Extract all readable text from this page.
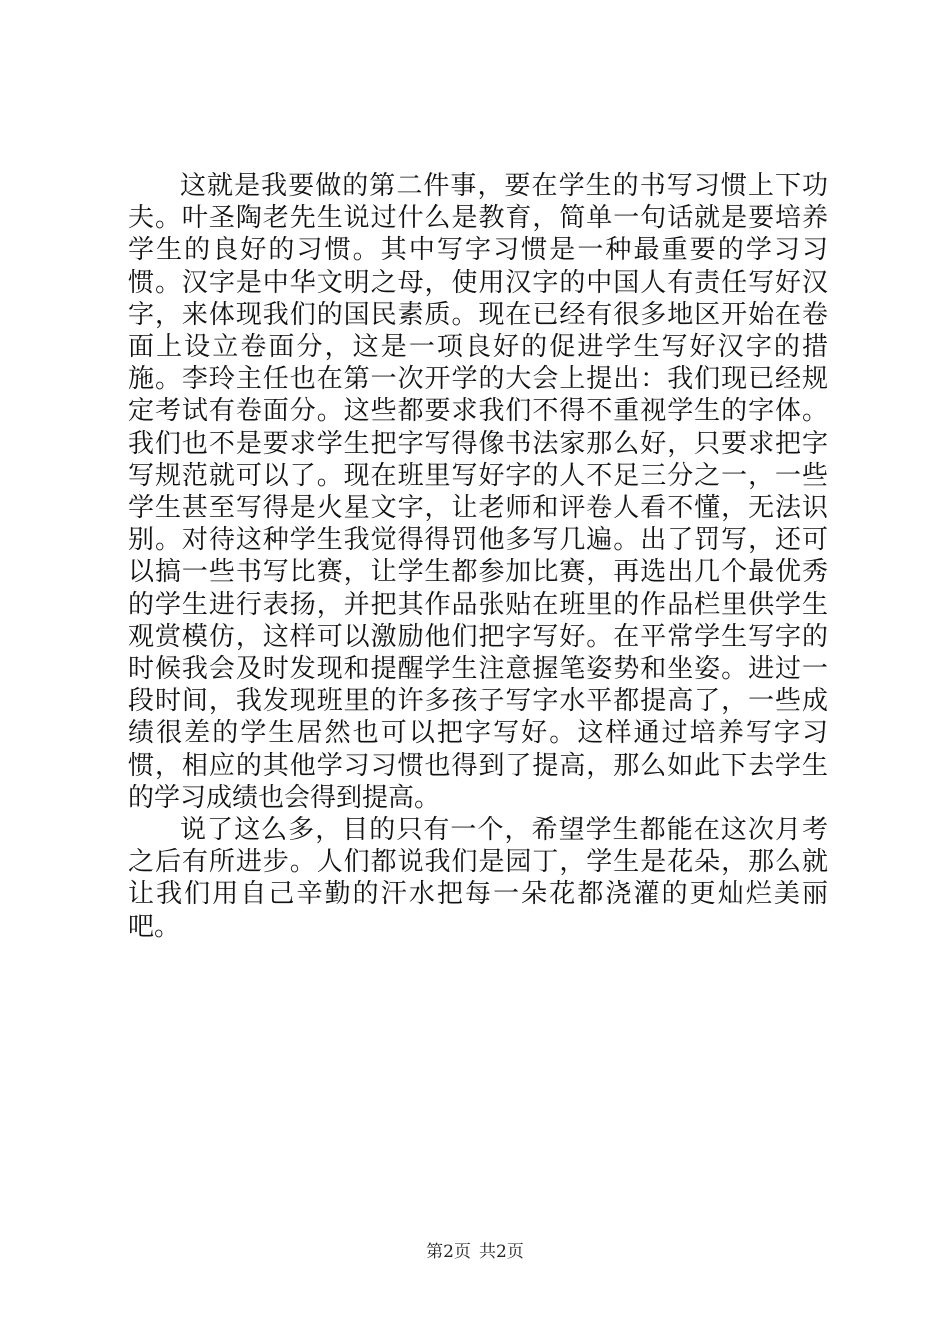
这就是我要做的第二件事，要在学生的书写习惯上下功夫。叶圣陶老先生说过什么是教育，简单一句话就是要培养学生的良好的习惯。其中写字习惯是一种最重要的学习习惯。汉字是中华文明之母，使用汉字的中国人有责任写好汉字，来体现我们的国民素质。现在已经有很多地区开始在卷面上设立卷面分，这是一项良好的促进学生写好汉字的措施。李玲主任也在第一次开学的大会上提出：我们现已经规定考试有卷面分。这些都要求我们不得不重视学生的字体。我们也不是要求学生把字写得像书法家那么好，只要求把字写规范就可以了。现在班里写好字的人不足三分之一，一些学生甚至写得是火星文字，让老师和评卷人看不懂，无法识别。对待这种学生我觉得得罚他多写几遍。出了罚写，还可以搞一些书写比赛，让学生都参加比赛，再选出几个最优秀的学生进行表扬，并把其作品张贴在班里的作品栏里供学生观赏模仿，这样可以激励他们把字写好。在平常学生写字的时候我会及时发现和提醒学生注意握笔姿势和坐姿。进过一段时间，我发现班里的许多孩子写字水平都提高了，一些成绩很差的学生居然也可以把字写好。这样通过培养写字习惯，相应的其他学习习惯也得到了提高，那么如此下去学生的学习成绩也会得到提高。

说了这么多，目的只有一个，希望学生都能在这次月考之后有所进步。人们都说我们是园丁，学生是花朵，那么就让我们用自己辛勤的汗水把每一朵花都浇灌的更灿烂美丽吧。

第2页 共2页
